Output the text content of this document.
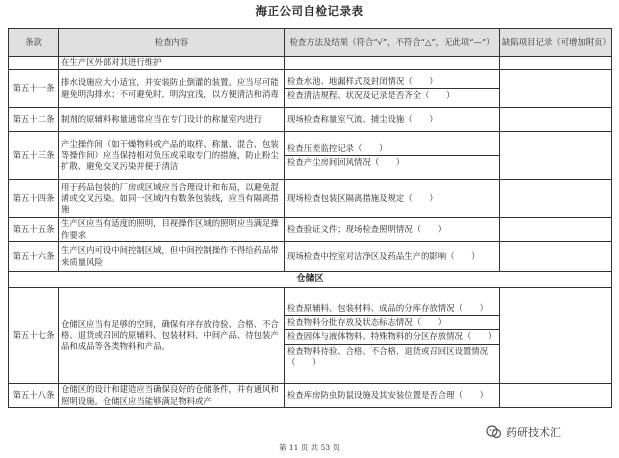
海正公司自检记录表
条款	检查内容	检查方法及结果（符合“√”，不符合“△”，无此项“—”）	缺陷项目记录（可增加附页）
	在生产区外部对其进行维护	

第五十一条	排水设施应大小适宜，并安装防止倒灌的装置。应当尽可能避免明沟排水；不可避免时，明沟宜浅，以方便清洁和消毒	检查水池、地漏样式及封闭情况（　　）
检查清洁规程、状况及记录是否齐全（　　）	

第五十二条	制剂的原辅料称量通常应当在专门设计的称量室内进行	现场检查称量室气流、捕尘设施（　　）	

第五十三条	产尘操作间（如干燥物料或产品的取样、称量、混合、包装等操作间）应当保持相对负压或采取专门的措施，防止粉尘扩散、避免交叉污染并便于清洁	检查压差监控记录（　　）
检查产尘房间回风情况（　　）	

第五十四条	用于药品包装的厂房或区域应当合理设计和布局，以避免混淆或交叉污染。如同一区域内有数条包装线，应当有隔离措施	现场检查包装区隔离措施及规定（　　）	

第五十五条	生产区应当有适度的照明，目视操作区域的照明应当满足操作要求	检查验证文件；现场检查照明情况（　　）	

第五十六条	生产区内可设中间控制区域，但中间控制操作不得给药品带来质量风险	现场检查中控室对洁净区及药品生产的影响（　　）	

仓储区			
第五十七条	仓储区应当有足够的空间，确保有序存放待验、合格、不合格、退货或召回的原辅料、包装材料、中间产品、待包装产品和成品等各类物料和产品。	检查原辅料、包装材料、成品的分库存放情况（　　）
检查物料分批存放及状态标志情况（　　）
检查固体与液体物料、特殊物料的分区存放情况（　　）
检查物料待验、合格、不合格、退货或召回区设置情况（　　）	

第五十八条	仓储区的设计和建造应当确保良好的仓储条件，并有通风和照明设施。仓储区应当能够满足物料或产	检查库房防虫防鼠设施及其安装位置是否合理（　　）	

第 11 页 共 53 页
药研技术汇
